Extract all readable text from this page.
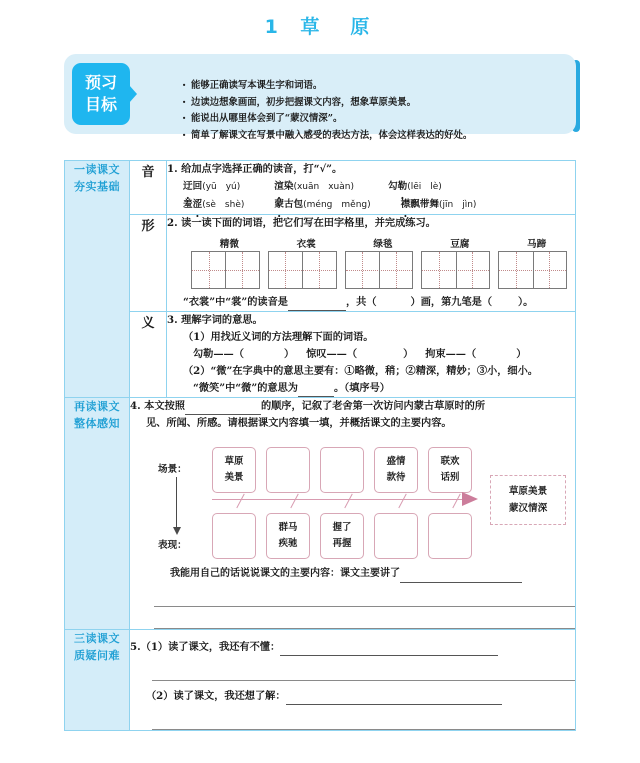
1 草　原
预习
目标
· 能够正确读写本课生字和词语。
· 边读边想象画面，初步把握课文内容，想象草原美景。
· 能说出从哪里体会到了“蒙汉情深”。
· 简单了解课文在写景中融入感受的表达方法，体会这样表达的好处。
一读课文
夯实基础
	音	1. 给加点字选择正确的读音，打“√”。
迂回(yū　yú)	渲染(xuān　xuàn)	勾勒(lēi　lè)
羞涩(sè　shè)	蒙古包(méng　měng)	襟飘带舞(jīn　jìn)

形	2. 读一读下面的词语，把它们写在田字格里，并完成练习。
精微	衣裳	绿毯	豆腐	马蹄
“衣裳”中“裳”的读音是	，共（	）画，第九笔是（	）。

	义	3. 理解字词的意思。
（1）用找近义词的方法理解下面的词语。
勾勒——（ ） 惊叹——（ ） 拘束——（ ）
（2）“微”在字典中的意思主要有：①略微，稍；②精深，精妙；③小，细小。
“微笑”中“微”的意思为 。（填序号）

再读课文
整体感知

4. 本文按照	的顺序，记叙了老舍第一次访问内蒙古草原时的所
见、所闻、所感。请根据课文内容填一填，并概括课文的主要内容。
场景：
表现：
草原
美景
盛情
款待
联欢
话别
群马
疾驰
握了
再握
草原美景
蒙汉情深
我能用自己的话说说课文的主要内容：课文主要讲了

三读课文
质疑问难

5.（1）读了课文，我还有不懂：
（2）读了课文，我还想了解：
